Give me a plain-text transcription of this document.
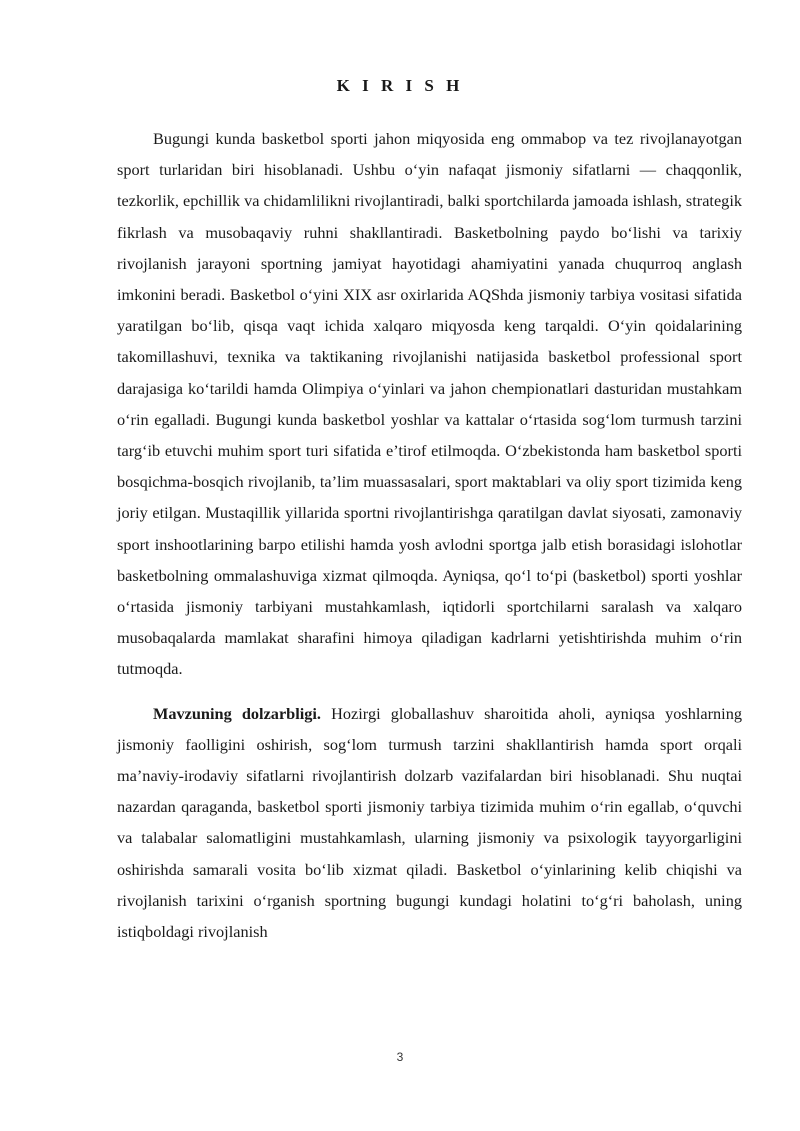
K I R I S H

Bugungi kunda basketbol sporti jahon miqyosida eng ommabop va tez rivojlanayotgan sport turlaridan biri hisoblanadi. Ushbu o‘yin nafaqat jismoniy sifatlarni — chaqqonlik, tezkorlik, epchillik va chidamlilikni rivojlantiradi, balki sportchilarda jamoada ishlash, strategik fikrlash va musobaqaviy ruhni shakllantiradi. Basketbolning paydo bo‘lishi va tarixiy rivojlanish jarayoni sportning jamiyat hayotidagi ahamiyatini yanada chuqurroq anglash imkonini beradi. Basketbol o‘yini XIX asr oxirlarida AQShda jismoniy tarbiya vositasi sifatida yaratilgan bo‘lib, qisqa vaqt ichida xalqaro miqyosda keng tarqaldi. O‘yin qoidalarining takomillashuvi, texnika va taktikaning rivojlanishi natijasida basketbol professional sport darajasiga ko‘tarildi hamda Olimpiya o‘yinlari va jahon chempionatlari dasturidan mustahkam o‘rin egalladi. Bugungi kunda basketbol yoshlar va kattalar o‘rtasida sog‘lom turmush tarzini targ‘ib etuvchi muhim sport turi sifatida e’tirof etilmoqda. O‘zbekistonda ham basketbol sporti bosqichma-bosqich rivojlanib, ta’lim muassasalari, sport maktablari va oliy sport tizimida keng joriy etilgan. Mustaqillik yillarida sportni rivojlantirishga qaratilgan davlat siyosati, zamonaviy sport inshootlarining barpo etilishi hamda yosh avlodni sportga jalb etish borasidagi islohotlar basketbolning ommalashuviga xizmat qilmoqda. Ayniqsa, qo‘l to‘pi (basketbol) sporti yoshlar o‘rtasida jismoniy tarbiyani mustahkamlash, iqtidorli sportchilarni saralash va xalqaro musobaqalarda mamlakat sharafini himoya qiladigan kadrlarni yetishtirishda muhim o‘rin tutmoqda.

Mavzuning dolzarbligi. Hozirgi globallashuv sharoitida aholi, ayniqsa yoshlarning jismoniy faolligini oshirish, sog‘lom turmush tarzini shakllantirish hamda sport orqali ma’naviy-irodaviy sifatlarni rivojlantirish dolzarb vazifalardan biri hisoblanadi. Shu nuqtai nazardan qaraganda, basketbol sporti jismoniy tarbiya tizimida muhim o‘rin egallab, o‘quvchi va talabalar salomatligini mustahkamlash, ularning jismoniy va psixologik tayyorgarligini oshirishda samarali vosita bo‘lib xizmat qiladi. Basketbol o‘yinlarining kelib chiqishi va rivojlanish tarixini o‘rganish sportning bugungi kundagi holatini to‘g‘ri baholash, uning istiqboldagi rivojlanish

3
